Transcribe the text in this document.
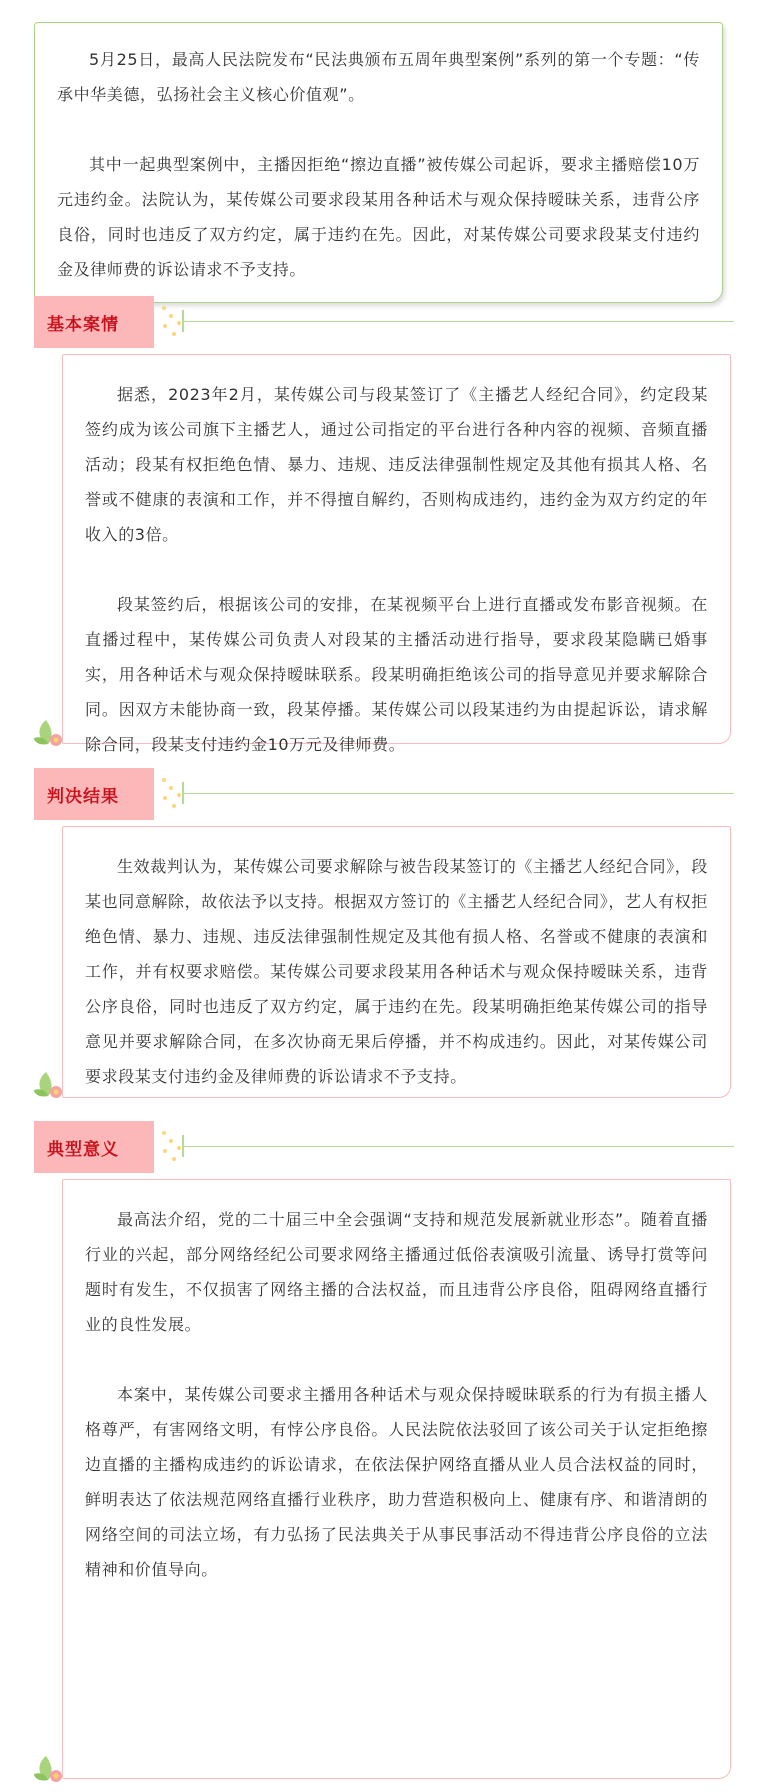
5月25日，最高人民法院发布“民法典颁布五周年典型案例”系列的第一个专题：“传承中华美德，弘扬社会主义核心价值观”。

其中一起典型案例中，主播因拒绝“擦边直播”被传媒公司起诉，要求主播赔偿10万元违约金。法院认为，某传媒公司要求段某用各种话术与观众保持暧昧关系，违背公序良俗，同时也违反了双方约定，属于违约在先。因此，对某传媒公司要求段某支付违约金及律师费的诉讼请求不予支持。

基本案情

据悉，2023年2月，某传媒公司与段某签订了《主播艺人经纪合同》，约定段某签约成为该公司旗下主播艺人，通过公司指定的平台进行各种内容的视频、音频直播活动；段某有权拒绝色情、暴力、违规、违反法律强制性规定及其他有损其人格、名誉或不健康的表演和工作，并不得擅自解约，否则构成违约，违约金为双方约定的年收入的3倍。

段某签约后，根据该公司的安排，在某视频平台上进行直播或发布影音视频。在直播过程中，某传媒公司负责人对段某的主播活动进行指导，要求段某隐瞒已婚事实，用各种话术与观众保持暧昧联系。段某明确拒绝该公司的指导意见并要求解除合同。因双方未能协商一致，段某停播。某传媒公司以段某违约为由提起诉讼，请求解除合同，段某支付违约金10万元及律师费。

判决结果

生效裁判认为，某传媒公司要求解除与被告段某签订的《主播艺人经纪合同》，段某也同意解除，故依法予以支持。根据双方签订的《主播艺人经纪合同》，艺人有权拒绝色情、暴力、违规、违反法律强制性规定及其他有损人格、名誉或不健康的表演和工作，并有权要求赔偿。某传媒公司要求段某用各种话术与观众保持暧昧关系，违背公序良俗，同时也违反了双方约定，属于违约在先。段某明确拒绝某传媒公司的指导意见并要求解除合同，在多次协商无果后停播，并不构成违约。因此，对某传媒公司要求段某支付违约金及律师费的诉讼请求不予支持。

典型意义

最高法介绍，党的二十届三中全会强调“支持和规范发展新就业形态”。随着直播行业的兴起，部分网络经纪公司要求网络主播通过低俗表演吸引流量、诱导打赏等问题时有发生，不仅损害了网络主播的合法权益，而且违背公序良俗，阻碍网络直播行业的良性发展。

本案中，某传媒公司要求主播用各种话术与观众保持暧昧联系的行为有损主播人格尊严，有害网络文明，有悖公序良俗。人民法院依法驳回了该公司关于认定拒绝擦边直播的主播构成违约的诉讼请求，在依法保护网络直播从业人员合法权益的同时，鲜明表达了依法规范网络直播行业秩序，助力营造积极向上、健康有序、和谐清朗的网络空间的司法立场，有力弘扬了民法典关于从事民事活动不得违背公序良俗的立法精神和价值导向。
